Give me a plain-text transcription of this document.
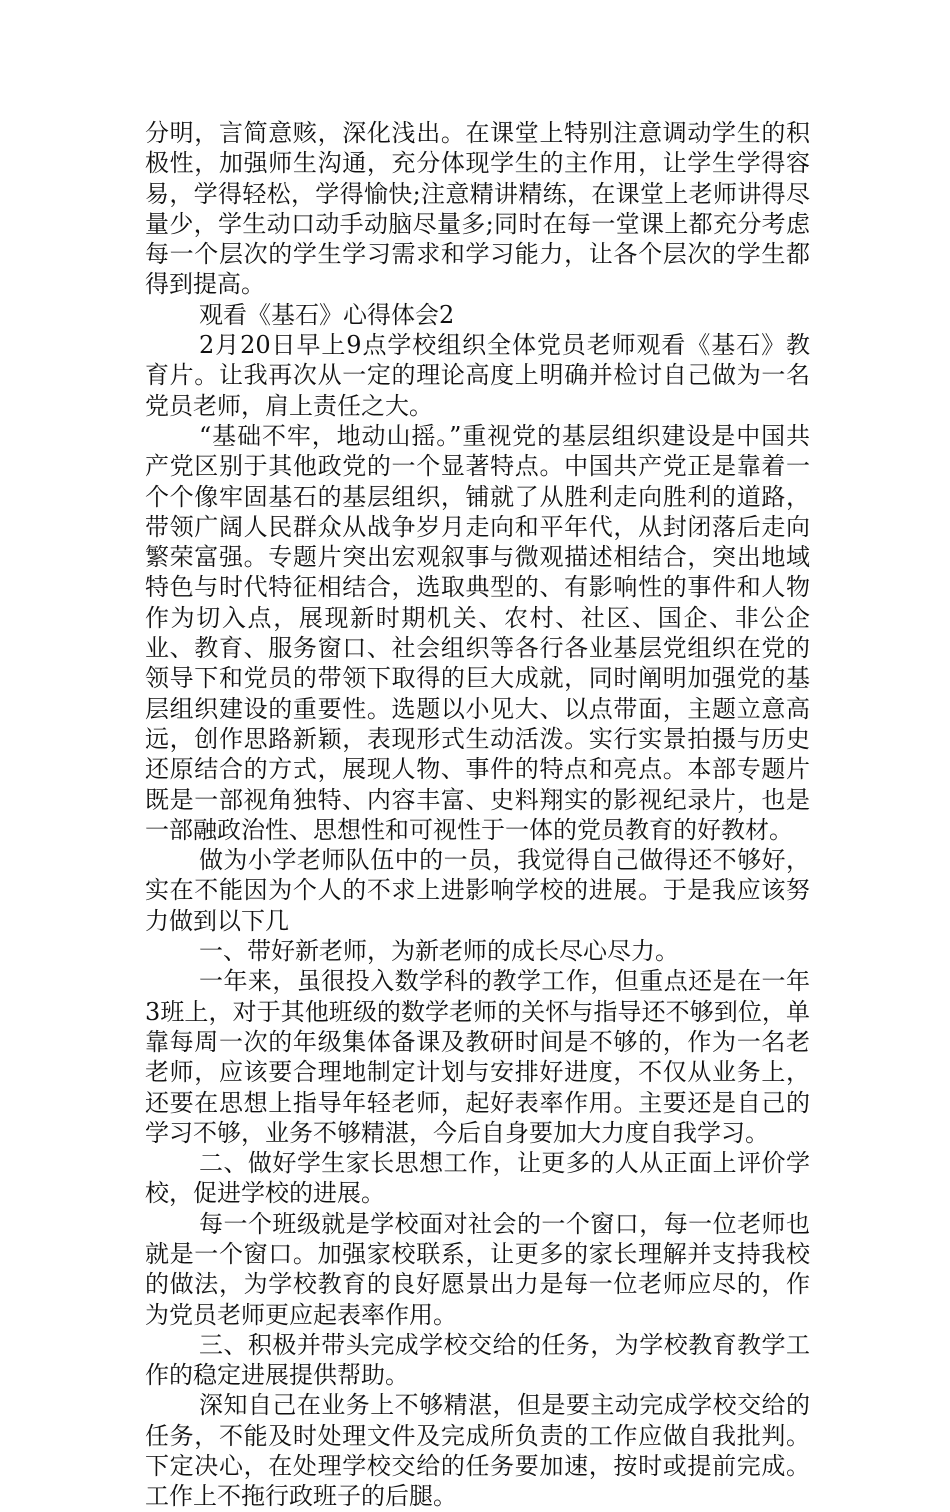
分明，言简意赅，深化浅出。在课堂上特别注意调动学生的积极性，加强师生沟通，充分体现学生的主作用，让学生学得容易，学得轻松，学得愉快;注意精讲精练，在课堂上老师讲得尽量少，学生动口动手动脑尽量多;同时在每一堂课上都充分考虑每一个层次的学生学习需求和学习能力，让各个层次的学生都得到提高。

观看《基石》心得体会2

2月20日早上9点学校组织全体党员老师观看《基石》教育片。让我再次从一定的理论高度上明确并检讨自己做为一名党员老师，肩上责任之大。

“基础不牢，地动山摇。”重视党的基层组织建设是中国共产党区别于其他政党的一个显著特点。中国共产党正是靠着一个个像牢固基石的基层组织，铺就了从胜利走向胜利的道路，带领广阔人民群众从战争岁月走向和平年代，从封闭落后走向繁荣富强。专题片突出宏观叙事与微观描述相结合，突出地域特色与时代特征相结合，选取典型的、有影响性的事件和人物作为切入点，展现新时期机关、农村、社区、国企、非公企业、教育、服务窗口、社会组织等各行各业基层党组织在党的领导下和党员的带领下取得的巨大成就，同时阐明加强党的基层组织建设的重要性。选题以小见大、以点带面，主题立意高远，创作思路新颖，表现形式生动活泼。实行实景拍摄与历史还原结合的方式，展现人物、事件的特点和亮点。本部专题片既是一部视角独特、内容丰富、史料翔实的影视纪录片，也是一部融政治性、思想性和可视性于一体的党员教育的好教材。

做为小学老师队伍中的一员，我觉得自己做得还不够好，实在不能因为个人的不求上进影响学校的进展。于是我应该努力做到以下几

一、带好新老师，为新老师的成长尽心尽力。

一年来，虽很投入数学科的教学工作，但重点还是在一年3班上，对于其他班级的数学老师的关怀与指导还不够到位，单靠每周一次的年级集体备课及教研时间是不够的，作为一名老老师，应该要合理地制定计划与安排好进度，不仅从业务上，还要在思想上指导年轻老师，起好表率作用。主要还是自己的学习不够，业务不够精湛，今后自身要加大力度自我学习。

二、做好学生家长思想工作，让更多的人从正面上评价学校，促进学校的进展。

每一个班级就是学校面对社会的一个窗口，每一位老师也就是一个窗口。加强家校联系，让更多的家长理解并支持我校的做法，为学校教育的良好愿景出力是每一位老师应尽的，作为党员老师更应起表率作用。

三、积极并带头完成学校交给的任务，为学校教育教学工作的稳定进展提供帮助。

深知自己在业务上不够精湛，但是要主动完成学校交给的任务，不能及时处理文件及完成所负责的工作应做自我批判。下定决心，在处理学校交给的任务要加速，按时或提前完成。工作上不拖行政班子的后腿。
